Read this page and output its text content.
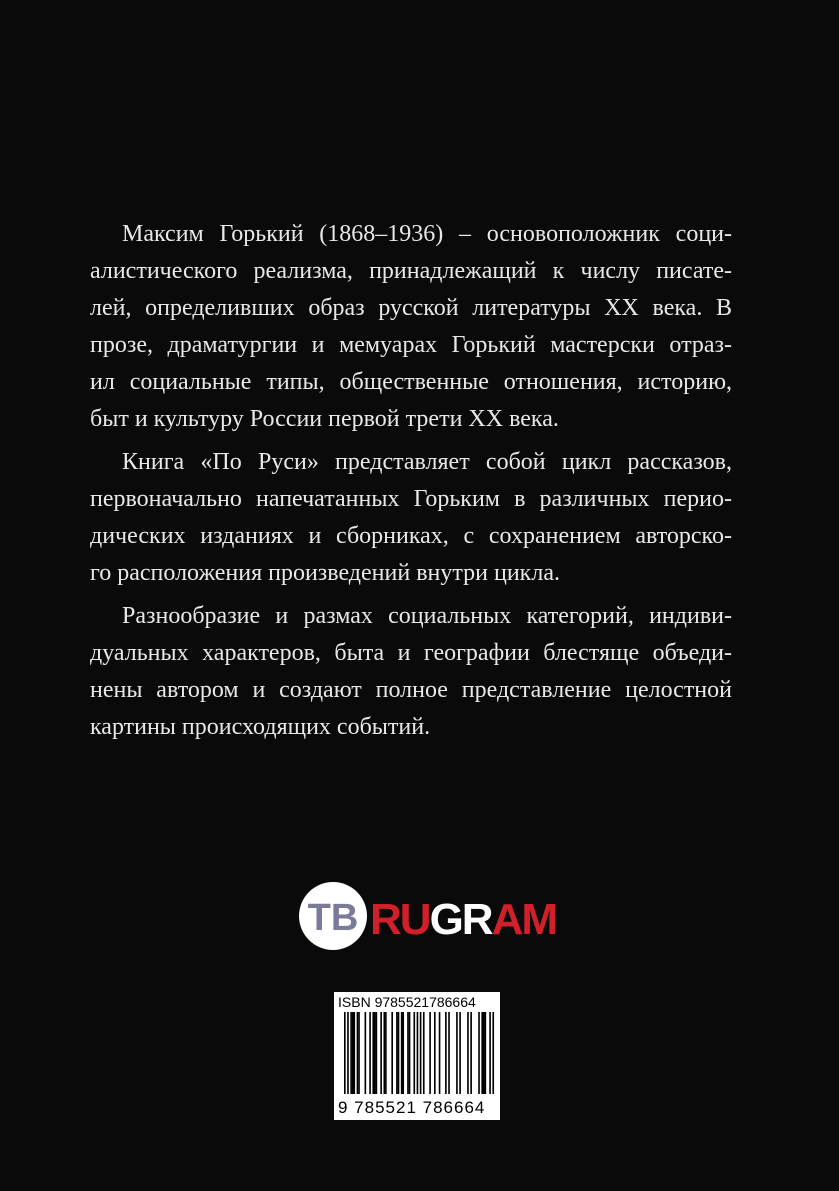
Максим Горький (1868–1936) – основоположник соци-
алистического реализма, принадлежащий к числу писате-
лей, определивших образ русской литературы XX века. В
прозе, драматургии и мемуарах Горький мастерски отраз-
ил социальные типы, общественные отношения, историю,
быт и культуру России первой трети XX века.
Книга «По Руси» представляет собой цикл рассказов,
первоначально напечатанных Горьким в различных перио-
дических изданиях и сборниках, с сохранением авторско-
го расположения произведений внутри цикла.
Разнообразие и размах социальных категорий, индиви-
дуальных характеров, быта и географии блестяще объеди-
нены автором и создают полное представление целостной
картины происходящих событий.
ТВ RUGRAM
ISBN 9785521786664
9 785521 786664
